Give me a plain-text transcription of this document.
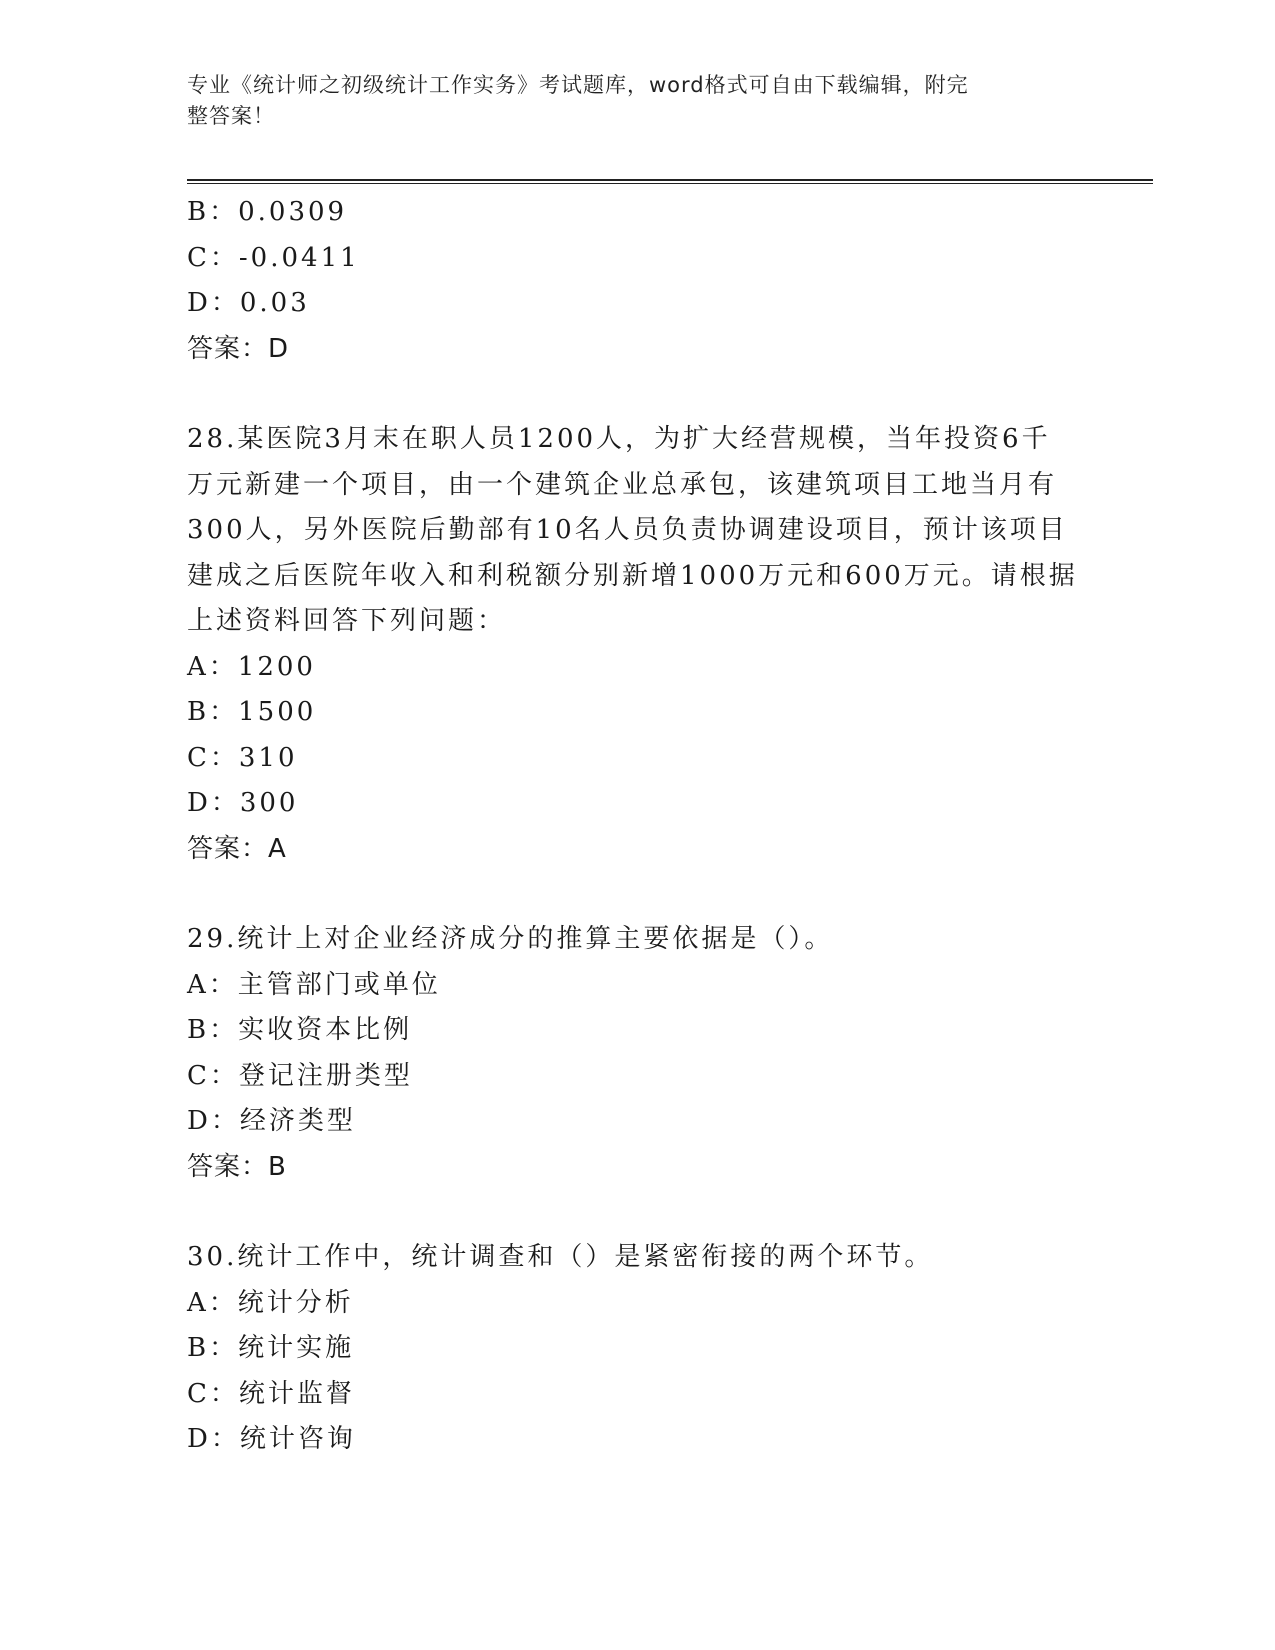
专业《统计师之初级统计工作实务》考试题库，word格式可自由下载编辑，附完
整答案！
B：0.0309
C：-0.0411
D：0.03
答案：D
28.某医院3月末在职人员1200人，为扩大经营规模，当年投资6千
万元新建一个项目，由一个建筑企业总承包，该建筑项目工地当月有
300人，另外医院后勤部有10名人员负责协调建设项目，预计该项目
建成之后医院年收入和利税额分别新增1000万元和600万元。请根据
上述资料回答下列问题：
A：1200
B：1500
C：310
D：300
答案：A
29.统计上对企业经济成分的推算主要依据是（）。
A：主管部门或单位
B：实收资本比例
C：登记注册类型
D：经济类型
答案：B
30.统计工作中，统计调查和（）是紧密衔接的两个环节。
A：统计分析
B：统计实施
C：统计监督
D：统计咨询
